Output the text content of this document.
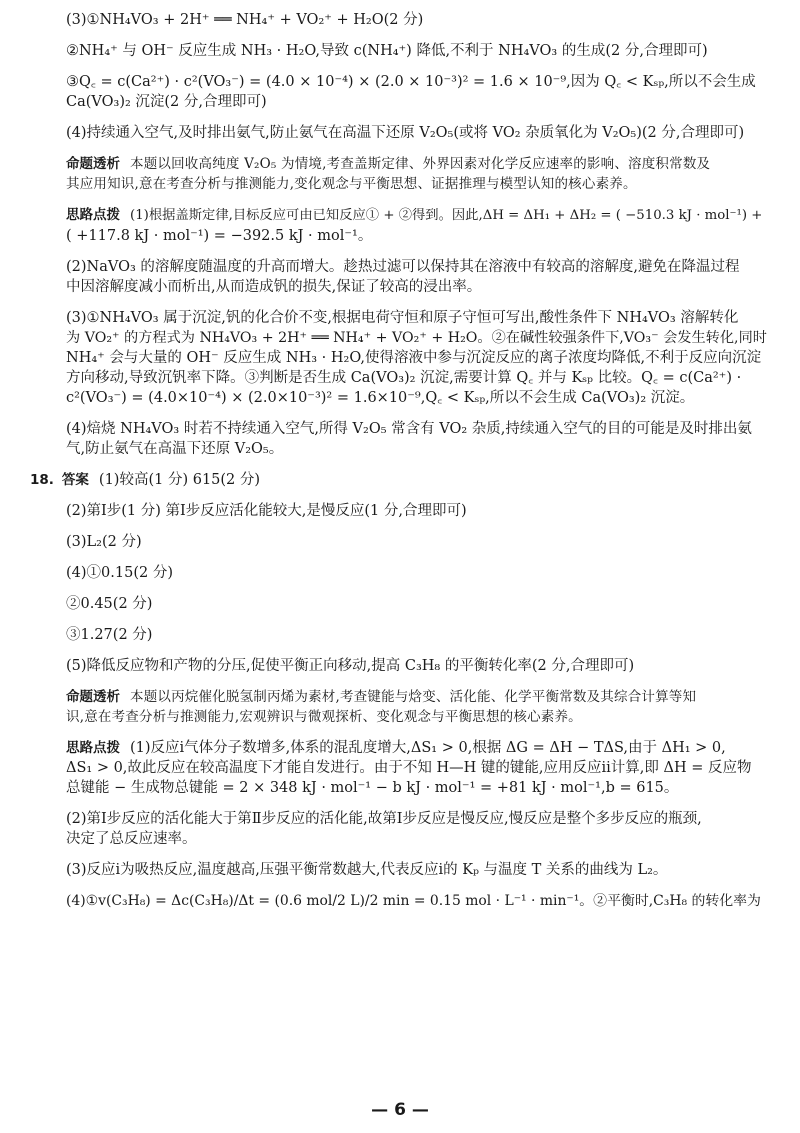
(3)①NH₄VO₃ + 2H⁺ ══ NH₄⁺ + VO₂⁺ + H₂O(2 分)
②NH₄⁺ 与 OH⁻ 反应生成 NH₃ · H₂O,导致 c(NH₄⁺) 降低,不利于 NH₄VO₃ 的生成(2 分,合理即可)
③Q꜀ = c(Ca²⁺) · c²(VO₃⁻) = (4.0 × 10⁻⁴) × (2.0 × 10⁻³)² = 1.6 × 10⁻⁹,因为 Q꜀ < Kₛₚ,所以不会生成
Ca(VO₃)₂ 沉淀(2 分,合理即可)
(4)持续通入空气,及时排出氨气,防止氨气在高温下还原 V₂O₅(或将 VO₂ 杂质氧化为 V₂O₅)(2 分,合理即可)
命题透析 本题以回收高纯度 V₂O₅ 为情境,考查盖斯定律、外界因素对化学反应速率的影响、溶度积常数及
其应用知识,意在考查分析与推测能力,变化观念与平衡思想、证据推理与模型认知的核心素养。
思路点拨 (1)根据盖斯定律,目标反应可由已知反应① + ②得到。因此,ΔH = ΔH₁ + ΔH₂ = ( −510.3 kJ · mol⁻¹) +
( +117.8 kJ · mol⁻¹) = −392.5 kJ · mol⁻¹。
(2)NaVO₃ 的溶解度随温度的升高而增大。趁热过滤可以保持其在溶液中有较高的溶解度,避免在降温过程
中因溶解度减小而析出,从而造成钒的损失,保证了较高的浸出率。
(3)①NH₄VO₃ 属于沉淀,钒的化合价不变,根据电荷守恒和原子守恒可写出,酸性条件下 NH₄VO₃ 溶解转化
为 VO₂⁺ 的方程式为 NH₄VO₃ + 2H⁺ ══ NH₄⁺ + VO₂⁺ + H₂O。②在碱性较强条件下,VO₃⁻ 会发生转化,同时
NH₄⁺ 会与大量的 OH⁻ 反应生成 NH₃ · H₂O,使得溶液中参与沉淀反应的离子浓度均降低,不利于反应向沉淀
方向移动,导致沉钒率下降。③判断是否生成 Ca(VO₃)₂ 沉淀,需要计算 Q꜀ 并与 Kₛₚ 比较。Q꜀ = c(Ca²⁺) ·
c²(VO₃⁻) = (4.0×10⁻⁴) × (2.0×10⁻³)² = 1.6×10⁻⁹,Q꜀ < Kₛₚ,所以不会生成 Ca(VO₃)₂ 沉淀。
(4)焙烧 NH₄VO₃ 时若不持续通入空气,所得 V₂O₅ 常含有 VO₂ 杂质,持续通入空气的目的可能是及时排出氨
气,防止氨气在高温下还原 V₂O₅。
18. 答案 (1)较高(1 分) 615(2 分)
(2)第Ⅰ步(1 分) 第Ⅰ步反应活化能较大,是慢反应(1 分,合理即可)
(3)L₂(2 分)
(4)①0.15(2 分)
②0.45(2 分)
③1.27(2 分)
(5)降低反应物和产物的分压,促使平衡正向移动,提高 C₃H₈ 的平衡转化率(2 分,合理即可)
命题透析 本题以丙烷催化脱氢制丙烯为素材,考查键能与焓变、活化能、化学平衡常数及其综合计算等知
识,意在考查分析与推测能力,宏观辨识与微观探析、变化观念与平衡思想的核心素养。
思路点拨 (1)反应ⅰ气体分子数增多,体系的混乱度增大,ΔS₁ > 0,根据 ΔG = ΔH − TΔS,由于 ΔH₁ > 0,
ΔS₁ > 0,故此反应在较高温度下才能自发进行。由于不知 H—H 键的键能,应用反应ⅱ计算,即 ΔH = 反应物
总键能 − 生成物总键能 = 2 × 348 kJ · mol⁻¹ − b kJ · mol⁻¹ = +81 kJ · mol⁻¹,b = 615。
(2)第Ⅰ步反应的活化能大于第Ⅱ步反应的活化能,故第Ⅰ步反应是慢反应,慢反应是整个多步反应的瓶颈,
决定了总反应速率。
(3)反应ⅰ为吸热反应,温度越高,压强平衡常数越大,代表反应ⅰ的 Kₚ 与温度 T 关系的曲线为 L₂。
(4)①v(C₃H₈) = Δc(C₃H₈)/Δt = (0.6 mol/2 L)/2 min = 0.15 mol · L⁻¹ · min⁻¹。②平衡时,C₃H₈ 的转化率为
— 6 —
